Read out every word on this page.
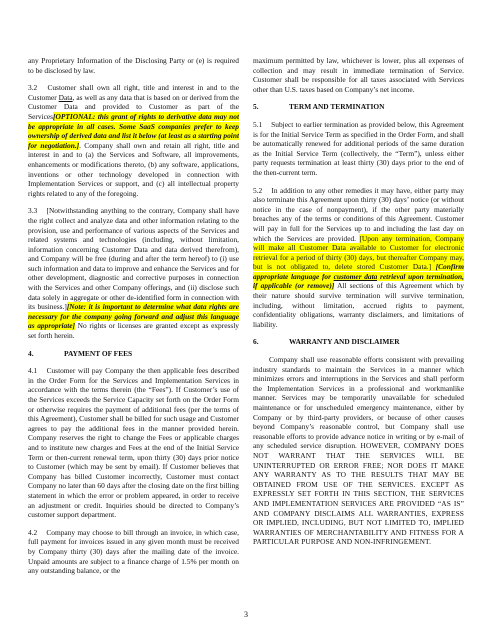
any Proprietary Information of the Disclosing Party or (e) is required to be disclosed by law.

3.2 Customer shall own all right, title and interest in and to the Customer Data, as well as any data that is based on or derived from the Customer Data and provided to Customer as part of the Services[OPTIONAL: this grant of rights to derivative data may not be appropriate in all cases. Some SaaS companies prefer to keep ownership of derived data and list it below (at least as a starting point for negotiation.]. Company shall own and retain all right, title and interest in and to (a) the Services and Software, all improvements, enhancements or modifications thereto, (b) any software, applications, inventions or other technology developed in connection with Implementation Services or support, and (c) all intellectual property rights related to any of the foregoing.

3.3 [Notwithstanding anything to the contrary, Company shall have the right collect and analyze data and other information relating to the provision, use and performance of various aspects of the Services and related systems and technologies (including, without limitation, information concerning Customer Data and data derived therefrom), and Company will be free (during and after the term hereof) to (i) use such information and data to improve and enhance the Services and for other development, diagnostic and corrective purposes in connection with the Services and other Company offerings, and (ii) disclose such data solely in aggregate or other de-identified form in connection with its business.][Note: it is important to determine what data rights are necessary for the company going forward and adjust this language as appropriate] No rights or licenses are granted except as expressly set forth herein.

4.	PAYMENT OF FEES

4.1 Customer will pay Company the then applicable fees described in the Order Form for the Services and Implementation Services in accordance with the terms therein (the “Fees”). If Customer’s use of the Services exceeds the Service Capacity set forth on the Order Form or otherwise requires the payment of additional fees (per the terms of this Agreement), Customer shall be billed for such usage and Customer agrees to pay the additional fees in the manner provided herein. Company reserves the right to change the Fees or applicable charges and to institute new charges and Fees at the end of the Initial Service Term or then-current renewal term, upon thirty (30) days prior notice to Customer (which may be sent by email). If Customer believes that Company has billed Customer incorrectly, Customer must contact Company no later than 60 days after the closing date on the first billing statement in which the error or problem appeared, in order to receive an adjustment or credit. Inquiries should be directed to Company’s customer support department.

4.2 Company may choose to bill through an invoice, in which case, full payment for invoices issued in any given month must be received by Company thirty (30) days after the mailing date of the invoice. Unpaid amounts are subject to a finance charge of 1.5% per month on any outstanding balance, or the

maximum permitted by law, whichever is lower, plus all expenses of collection and may result in immediate termination of Service. Customer shall be responsible for all taxes associated with Services other than U.S. taxes based on Company’s net income.

5.	TERM AND TERMINATION

5.1 Subject to earlier termination as provided below, this Agreement is for the Initial Service Term as specified in the Order Form, and shall be automatically renewed for additional periods of the same duration as the Initial Service Term (collectively, the “Term”), unless either party requests termination at least thirty (30) days prior to the end of the then-current term.

5.2 In addition to any other remedies it may have, either party may also terminate this Agreement upon thirty (30) days’ notice (or without notice in the case of nonpayment), if the other party materially breaches any of the terms or conditions of this Agreement. Customer will pay in full for the Services up to and including the last day on which the Services are provided. [Upon any termination, Company will make all Customer Data available to Customer for electronic retrieval for a period of thirty (30) days, but thereafter Company may, but is not obligated to, delete stored Customer Data.] [Confirm appropriate language for customer data retrieval upon termination, if applicable (or remove)] All sections of this Agreement which by their nature should survive termination will survive termination, including, without limitation, accrued rights to payment, confidentiality obligations, warranty disclaimers, and limitations of liability.

6.	WARRANTY AND DISCLAIMER

Company shall use reasonable efforts consistent with prevailing industry standards to maintain the Services in a manner which minimizes errors and interruptions in the Services and shall perform the Implementation Services in a professional and workmanlike manner. Services may be temporarily unavailable for scheduled maintenance or for unscheduled emergency maintenance, either by Company or by third-party providers, or because of other causes beyond Company’s reasonable control, but Company shall use reasonable efforts to provide advance notice in writing or by e-mail of any scheduled service disruption. HOWEVER, COMPANY DOES NOT WARRANT THAT THE SERVICES WILL BE UNINTERRUPTED OR ERROR FREE; NOR DOES IT MAKE ANY WARRANTY AS TO THE RESULTS THAT MAY BE OBTAINED FROM USE OF THE SERVICES. EXCEPT AS EXPRESSLY SET FORTH IN THIS SECTION, THE SERVICES AND IMPLEMENTATION SERVICES ARE PROVIDED “AS IS” AND COMPANY DISCLAIMS ALL WARRANTIES, EXPRESS OR IMPLIED, INCLUDING, BUT NOT LIMITED TO, IMPLIED WARRANTIES OF MERCHANTABILITY AND FITNESS FOR A PARTICULAR PURPOSE AND NON-INFRINGEMENT.

3
